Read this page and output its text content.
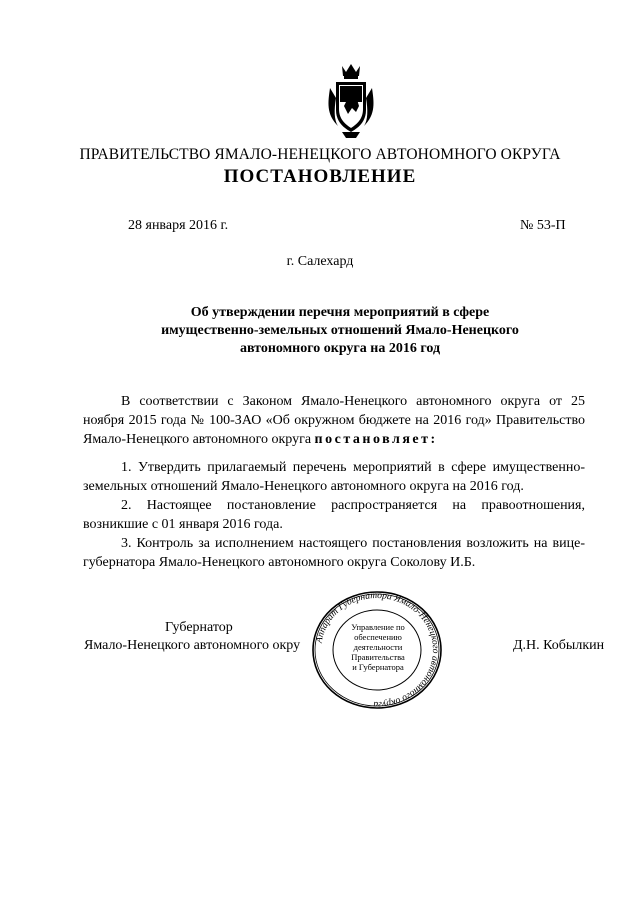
ПРАВИТЕЛЬСТВО ЯМАЛО-НЕНЕЦКОГО АВТОНОМНОГО ОКРУГА
ПОСТАНОВЛЕНИЕ
28 января 2016 г.	№ 53-П
г. Салехард
Об утверждении перечня мероприятий в сфере
имущественно-земельных отношений Ямало-Ненецкого
автономного округа на 2016 год
В соответствии с Законом Ямало-Ненецкого автономного округа от 25 ноября 2015 года № 100-ЗАО «Об окружном бюджете на 2016 год» Правительство Ямало-Ненецкого автономного округа постановляет:

1. Утвердить прилагаемый перечень мероприятий в сфере имущественно-земельных отношений Ямало-Ненецкого автономного округа на 2016 год.

2. Настоящее постановление распространяется на правоотношения, возникшие с 01 января 2016 года.

3. Контроль за исполнением настоящего постановления возложить на вице-губернатора Ямало-Ненецкого автономного округа Соколову И.Б.

Губернатор
Ямало-Ненецкого автономного окру	Д.Н. Кобылкин
Аппарат Губернатора Ямало-Ненецкого автономного округа
Управление по
обеспечению
деятельности
Правительства
и Губернатора
